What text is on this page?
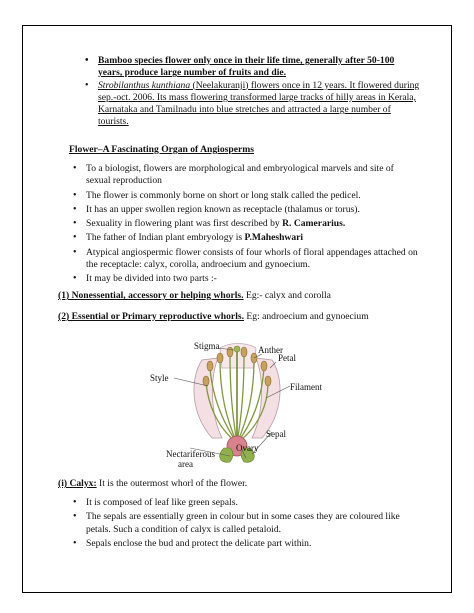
• Bamboo species flower only once in their life time, generally after 50-100 years, produce large number of fruits and die.
• Strobilanthus kunthiana (Neelakuranji) flowers once in 12 years. It flowered during sep.-oct. 2006. Its mass flowering transformed large tracks of hilly areas in Kerala, Karnataka and Tamilnadu into blue stretches and attracted a large number of tourists.
Flower–A Fascinating Organ of Angiosperms
• To a biologist, flowers are morphological and embryological marvels and site of sexual reproduction
• The flower is commonly borne on short or long stalk called the pedicel.
• It has an upper swollen region known as receptacle (thalamus or torus).
• Sexuality in flowering plant was first described by R. Camerarius.
• The father of Indian plant embryology is P.Maheshwari
• Atypical angiospermic flower consists of four whorls of floral appendages attached on the receptacle: calyx, corolla, androecium and gynoecium.
• It may be divided into two parts :-
(1) Nonessential, accessory or helping whorls. Eg:- calyx and corolla
(2) Essential or Primary reproductive whorls. Eg: androecium and gynoecium
Stigma	Anther
Petal
Style
Filament
Sepal
Ovary
Nectariferous
area
(i) Calyx: It is the outermost whorl of the flower.
• It is composed of leaf like green sepals.
• The sepals are essentially green in colour but in some cases they are coloured like petals. Such a condition of calyx is called petaloid.
• Sepals enclose the bud and protect the delicate part within.
